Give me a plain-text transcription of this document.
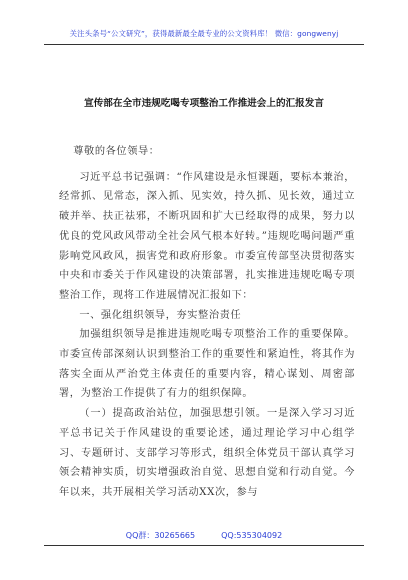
关注头条号“公文研究”，获得最新最全最专业的公文资料库！ 微信：gongwenyj
宣传部在全市违规吃喝专项整治工作推进会上的汇报发言

尊敬的各位领导：

习近平总书记强调：“作风建设是永恒课题，要标本兼治，经常抓、见常态，深入抓、见实效，持久抓、见长效，通过立破并举、扶正祛邪，不断巩固和扩大已经取得的成果，努力以优良的党风政风带动全社会风气根本好转。”违规吃喝问题严重影响党风政风，损害党和政府形象。市委宣传部坚决贯彻落实中央和市委关于作风建设的决策部署，扎实推进违规吃喝专项整治工作，现将工作进展情况汇报如下：

一、强化组织领导，夯实整治责任

加强组织领导是推进违规吃喝专项整治工作的重要保障。市委宣传部深刻认识到整治工作的重要性和紧迫性，将其作为落实全面从严治党主体责任的重要内容，精心谋划、周密部署，为整治工作提供了有力的组织保障。

（一）提高政治站位，加强思想引领。一是深入学习习近平总书记关于作风建设的重要论述，通过理论学习中心组学习、专题研讨、支部学习等形式，组织全体党员干部认真学习领会精神实质，切实增强政治自觉、思想自觉和行动自觉。今年以来，共开展相关学习活动XX次，参与

QQ群：30265665	QQ:535304092
